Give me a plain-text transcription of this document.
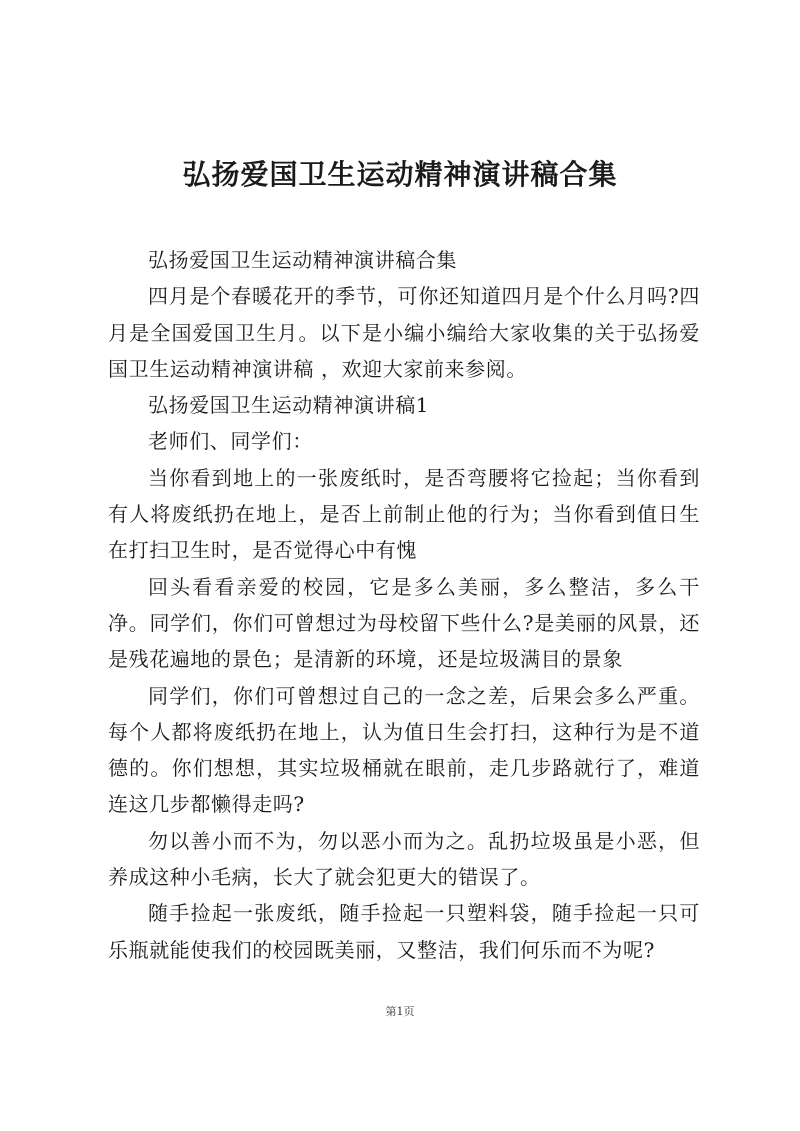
弘扬爱国卫生运动精神演讲稿合集

弘扬爱国卫生运动精神演讲稿合集

四月是个春暖花开的季节，可你还知道四月是个什么月吗?四月是全国爱国卫生月。以下是小编小编给大家收集的关于弘扬爱国卫生运动精神演讲稿 ，欢迎大家前来参阅。

弘扬爱国卫生运动精神演讲稿1

老师们、同学们：

当你看到地上的一张废纸时，是否弯腰将它捡起；当你看到有人将废纸扔在地上，是否上前制止他的行为；当你看到值日生在打扫卫生时，是否觉得心中有愧

回头看看亲爱的校园，它是多么美丽，多么整洁，多么干净。同学们，你们可曾想过为母校留下些什么?是美丽的风景，还是残花遍地的景色；是清新的环境，还是垃圾满目的景象

同学们，你们可曾想过自己的一念之差，后果会多么严重。每个人都将废纸扔在地上，认为值日生会打扫，这种行为是不道德的。你们想想，其实垃圾桶就在眼前，走几步路就行了，难道连这几步都懒得走吗?

勿以善小而不为，勿以恶小而为之。乱扔垃圾虽是小恶，但养成这种小毛病，长大了就会犯更大的错误了。

随手捡起一张废纸，随手捡起一只塑料袋，随手捡起一只可乐瓶就能使我们的校园既美丽，又整洁，我们何乐而不为呢?

第1页
